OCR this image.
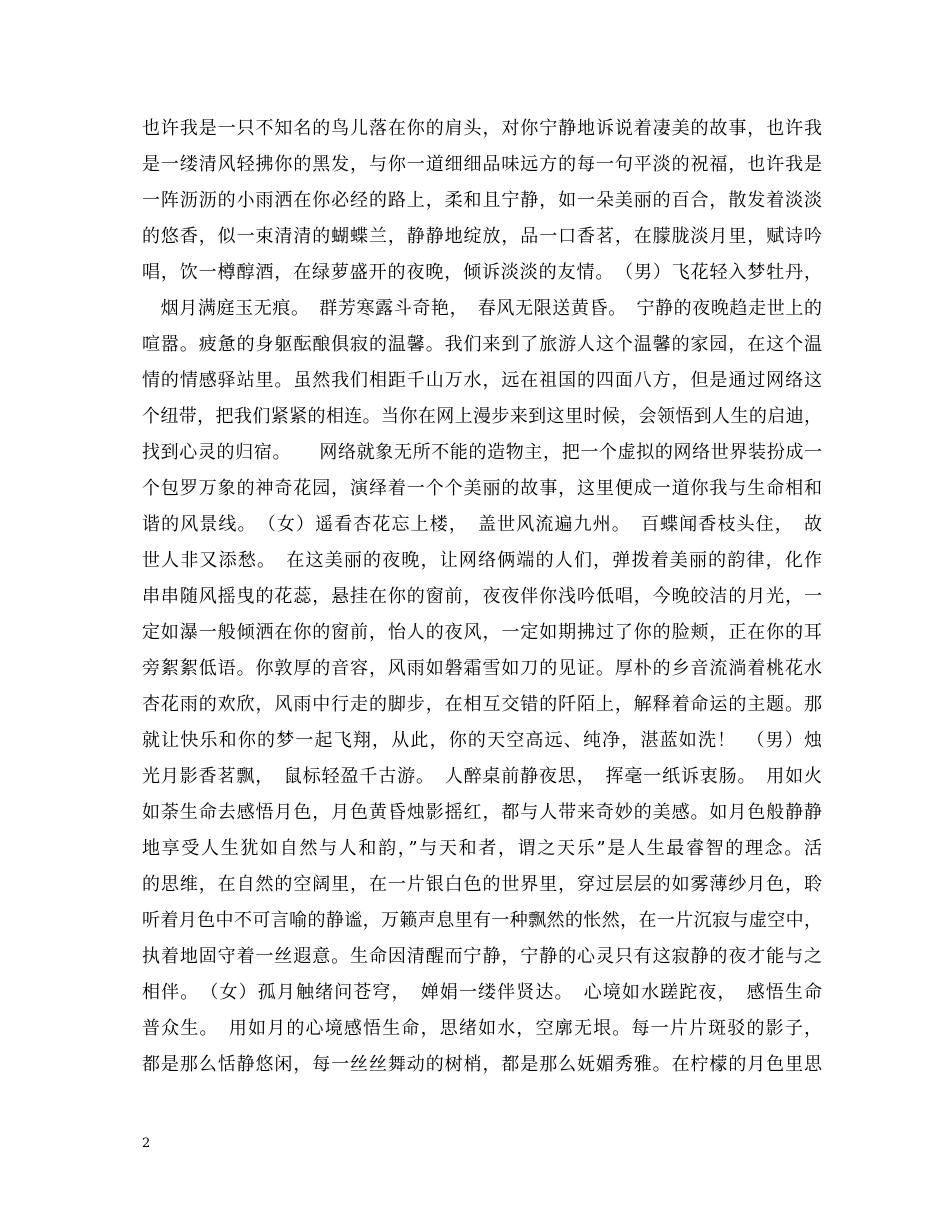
也许我是一只不知名的鸟儿落在你的肩头，对你宁静地诉说着凄美的故事，也许我
是一缕清风轻拂你的黑发，与你一道细细品味远方的每一句平淡的祝福，也许我是
一阵沥沥的小雨洒在你必经的路上，柔和且宁静，如一朵美丽的百合，散发着淡淡
的悠香，似一束清清的蝴蝶兰，静静地绽放，品一口香茗，在朦胧淡月里，赋诗吟
唱，饮一樽醇酒，在绿萝盛开的夜晚，倾诉淡淡的友情。　（男）飞花轻入梦牡丹，
　烟月满庭玉无痕。　群芳寒露斗奇艳，　春风无限送黄昏。　宁静的夜晚趋走世上的
喧嚣。疲惫的身躯酝酿俱寂的温馨。我们来到了旅游人这个温馨的家园，在这个温
情的情感驿站里。虽然我们相距千山万水，远在祖国的四面八方，但是通过网络这
个纽带，把我们紧紧的相连。当你在网上漫步来到这里时候，会领悟到人生的启迪，
找到心灵的归宿。　　网络就象无所不能的造物主，把一个虚拟的网络世界装扮成一
个包罗万象的神奇花园，演绎着一个个美丽的故事，这里便成一道你我与生命相和
谐的风景线。　（女）遥看杏花忘上楼，　盖世风流遍九州。　百蝶闻香枝头住，　故
世人非又添愁。　在这美丽的夜晚，让网络俩端的人们，弹拨着美丽的韵律，化作
串串随风摇曳的花蕊，悬挂在你的窗前，夜夜伴你浅吟低唱，今晚皎洁的月光，一
定如瀑一般倾洒在你的窗前，怡人的夜风，一定如期拂过了你的脸颊，正在你的耳
旁絮絮低语。你敦厚的音容，风雨如磐霜雪如刀的见证。厚朴的乡音流淌着桃花水
杏花雨的欢欣，风雨中行走的脚步，在相互交错的阡陌上，解释着命运的主题。那
就让快乐和你的梦一起飞翔，从此，你的天空高远、纯净，湛蓝如洗！　（男）烛
光月影香茗飘，　鼠标轻盈千古游。　人醉桌前静夜思，　挥毫一纸诉衷肠。　用如火
如荼生命去感悟月色，月色黄昏烛影摇红，都与人带来奇妙的美感。如月色般静静
地享受人生犹如自然与人和韵，”与天和者，谓之天乐”是人生最睿智的理念。活
的思维，在自然的空阔里，在一片银白色的世界里，穿过层层的如雾薄纱月色，聆
听着月色中不可言喻的静谧，万籁声息里有一种飘然的怅然，在一片沉寂与虚空中，
执着地固守着一丝遐意。生命因清醒而宁静，宁静的心灵只有这寂静的夜才能与之
相伴。　（女）孤月触绪问苍穹，　婵娟一缕伴贤达。　心境如水蹉跎夜，　感悟生命
普众生。　用如月的心境感悟生命，思绪如水，空廓无垠。每一片片斑驳的影子，
都是那么恬静悠闲，每一丝丝舞动的树梢，都是那么妩媚秀雅。在柠檬的月色里思
2
